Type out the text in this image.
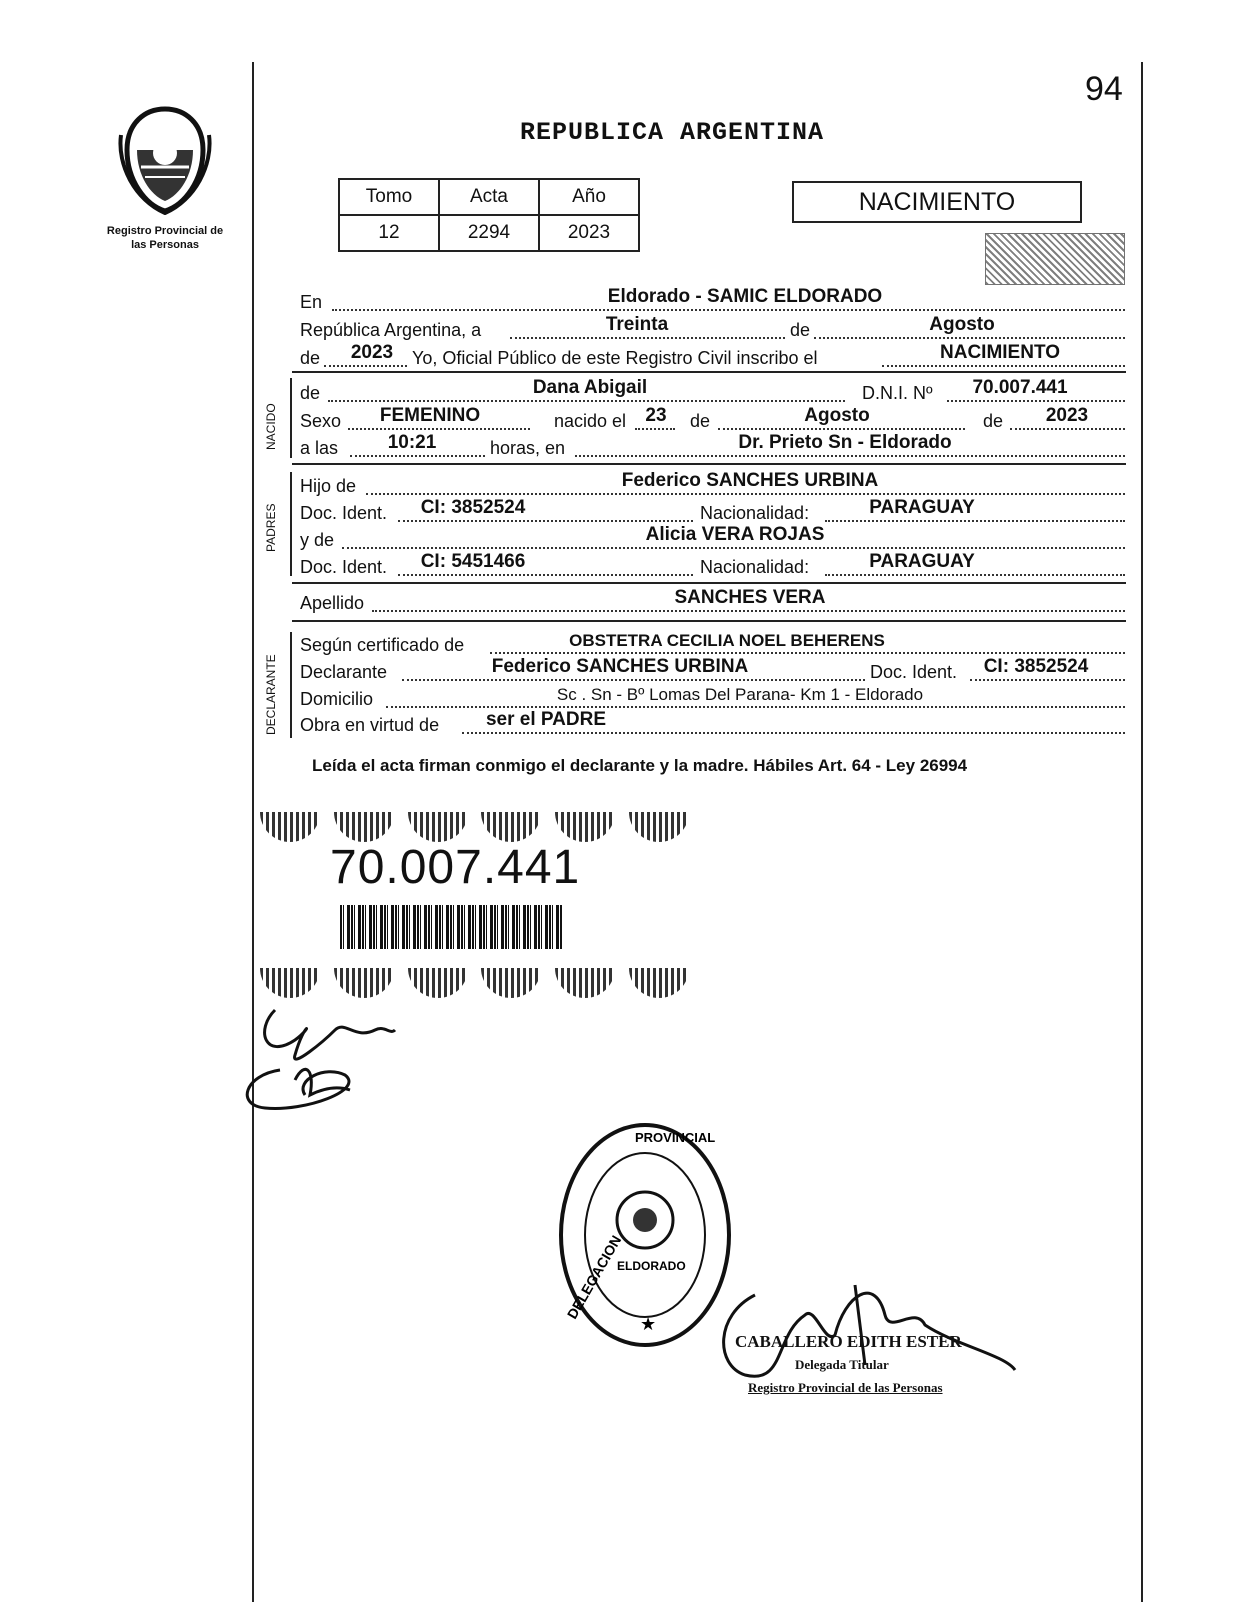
Registro Provincial de las Personas
94
REPUBLICA ARGENTINA
Tomo	Acta	Año
12	2294	2023
NACIMIENTO
En	Eldorado - SAMIC ELDORADO
República Argentina, a	Treinta	de	Agosto
de 2023 Yo, Oficial Público de este Registro Civil inscribo el	NACIMIENTO
NACIDO
de	Dana Abigail	D.N.I. Nº 70.007.441
Sexo FEMENINO	nacido el 23 de	Agosto	de 2023
a las	10:21	horas, en	Dr. Prieto Sn - Eldorado
PADRES
Hijo de	Federico SANCHES URBINA
Doc. Ident. CI: 3852524	Nacionalidad:	PARAGUAY
y de	Alicia VERA ROJAS
Doc. Ident. CI: 5451466	Nacionalidad:	PARAGUAY
Apellido	SANCHES VERA
DECLARANTE
Según certificado de	OBSTETRA CECILIA NOEL BEHERENS
Declarante	Federico SANCHES URBINA	Doc. Ident. CI: 3852524
Domicilio	Sc . Sn - Bº Lomas Del Parana- Km 1 - Eldorado
Obra en virtud de ser el PADRE
Leída el acta firman conmigo el declarante y la madre. Hábiles Art. 64 - Ley 26994
70.007.441
DELEGACION
PROVINCIAL
ELDORADO
★
CABALLERO EDITH ESTER
Delegada Titular
Registro Provincial de las Personas
